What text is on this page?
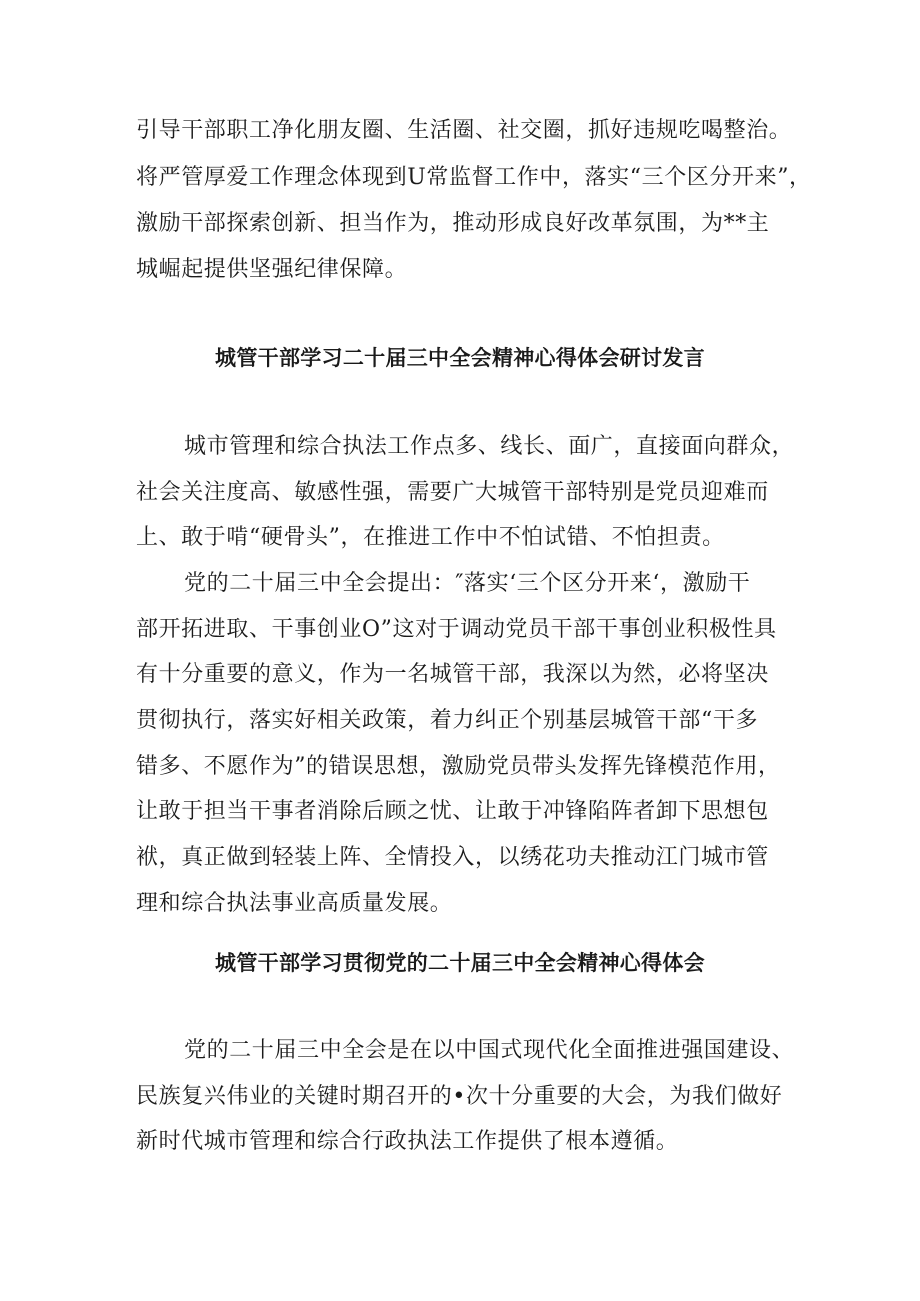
引导干部职工净化朋友圈、生活圈、社交圈，抓好违规吃喝整治。
将严管厚爱工作理念体现到U常监督工作中，落实“三个区分开来”，
激励干部探索创新、担当作为，推动形成良好改革氛围，为**主
城崛起提供坚强纪律保障。
城管干部学习二十届三中全会精神心得体会研讨发言
城市管理和综合执法工作点多、线长、面广，直接面向群众，
社会关注度高、敏感性强，需要广大城管干部特别是党员迎难而
上、敢于啃“硬骨头”，在推进工作中不怕试错、不怕担责。
党的二十届三中全会提出：″落实‘三个区分开来‘，激励干
部开拓进取、干事创业O”这对于调动党员干部干事创业积极性具
有十分重要的意义，作为一名城管干部，我深以为然，必将坚决
贯彻执行，落实好相关政策，着力纠正个别基层城管干部“干多
错多、不愿作为”的错误思想，激励党员带头发挥先锋模范作用，
让敢于担当干事者消除后顾之忧、让敢于冲锋陷阵者卸下思想包
袱，真正做到轻装上阵、全情投入，以绣花功夫推动江门城市管
理和综合执法事业高质量发展。
城管干部学习贯彻党的二十届三中全会精神心得体会
党的二十届三中全会是在以中国式现代化全面推进强国建设、
民族复兴伟业的关键时期召开的•次十分重要的大会，为我们做好
新时代城市管理和综合行政执法工作提供了根本遵循。
